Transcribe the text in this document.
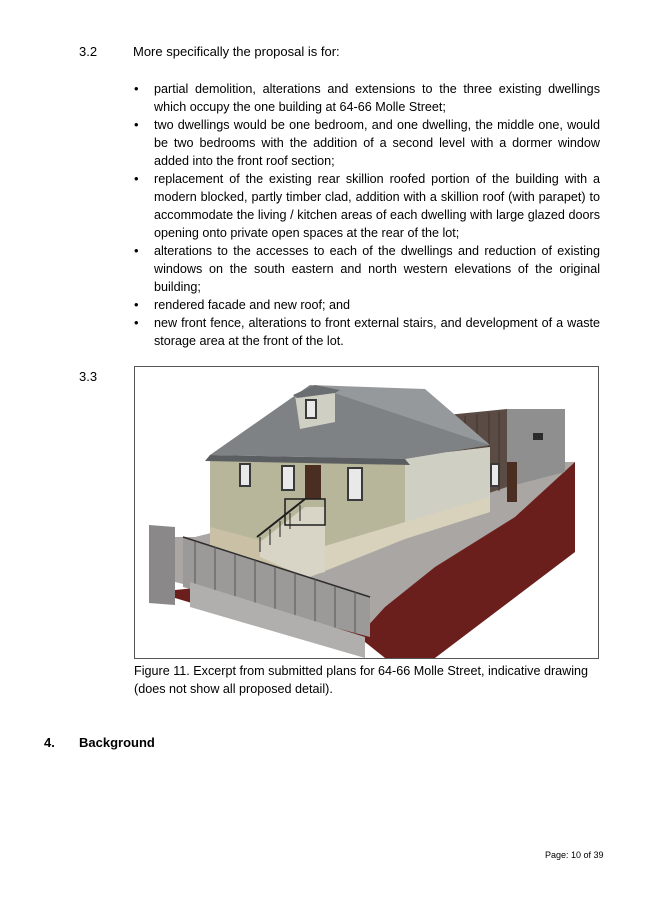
3.2	More specifically the proposal is for:
• partial demolition, alterations and extensions to the three existing dwellings which occupy the one building at 64-66 Molle Street;
• two dwellings would be one bedroom, and one dwelling, the middle one, would be two bedrooms with the addition of a second level with a dormer window added into the front roof section;
• replacement of the existing rear skillion roofed portion of the building with a modern blocked, partly timber clad, addition with a skillion roof (with parapet) to accommodate the living / kitchen areas of each dwelling with large glazed doors opening onto private open spaces at the rear of the lot;
• alterations to the accesses to each of the dwellings and reduction of existing windows on the south eastern and north western elevations of the original building;
• rendered facade and new roof; and
• new front fence, alterations to front external stairs, and development of a waste storage area at the front of the lot.
3.3
Figure 11. Excerpt from submitted plans for 64-66 Molle Street, indicative drawing (does not show all proposed detail).
4. Background
Page: 10 of 39
